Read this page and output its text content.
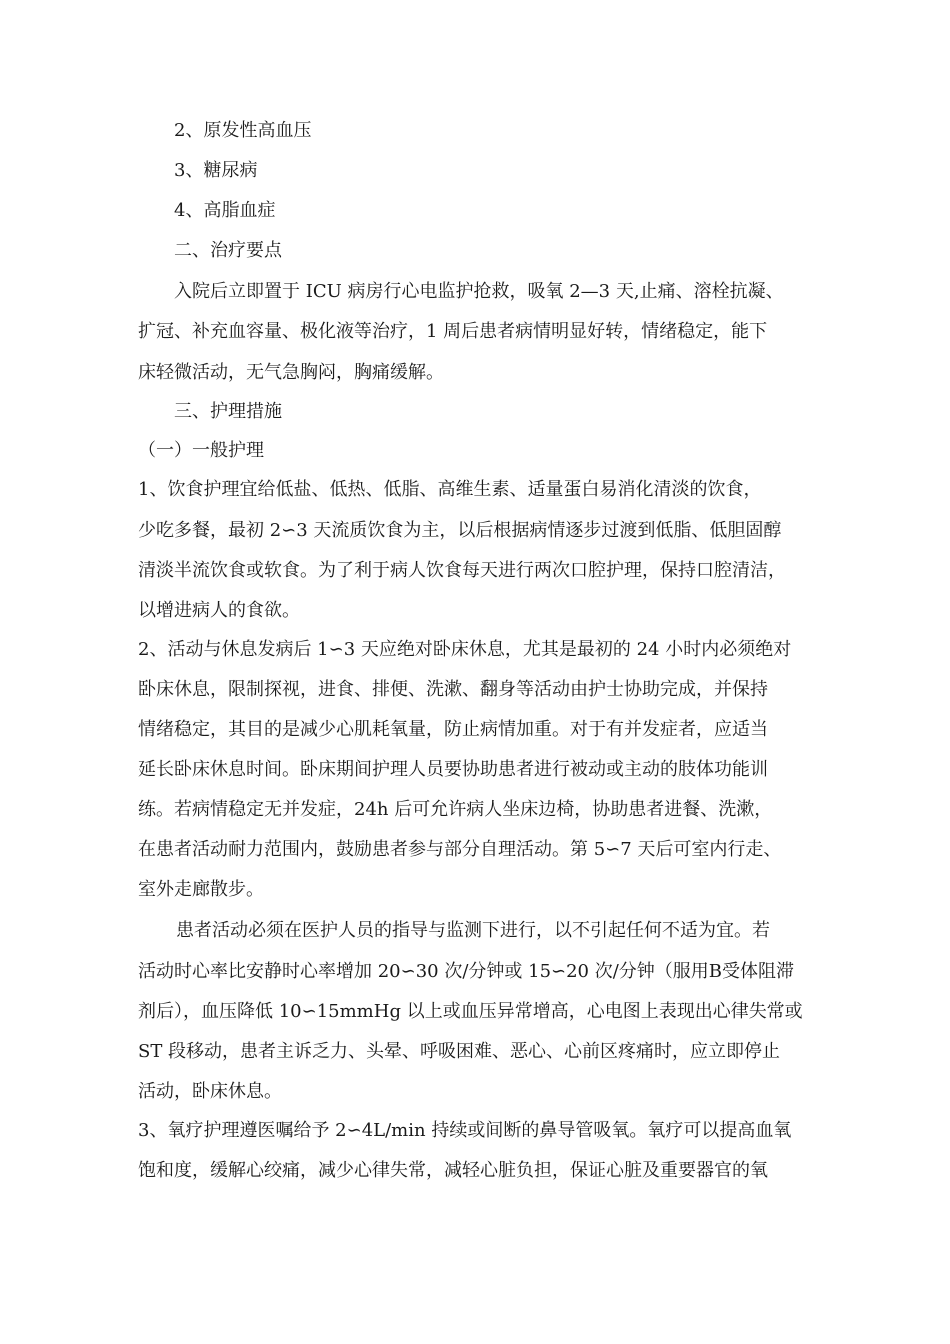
2、原发性高血压
3、糖尿病
4、高脂血症
二、治疗要点
入院后立即置于 ICU 病房行心电监护抢救，吸氧 2—3 天,止痛、溶栓抗凝、
扩冠、补充血容量、极化液等治疗，1 周后患者病情明显好转，情绪稳定，能下
床轻微活动，无气急胸闷，胸痛缓解。
三、护理措施
（一）一般护理
1、饮食护理宜给低盐、低热、低脂、高维生素、适量蛋白易消化清淡的饮食，
少吃多餐，最初 2∽3 天流质饮食为主，以后根据病情逐步过渡到低脂、低胆固醇
清淡半流饮食或软食。为了利于病人饮食每天进行两次口腔护理，保持口腔清洁，
以增进病人的食欲。
2、活动与休息发病后 1∽3 天应绝对卧床休息，尤其是最初的 24 小时内必须绝对
卧床休息，限制探视，进食、排便、洗漱、翻身等活动由护士协助完成，并保持
情绪稳定，其目的是减少心肌耗氧量，防止病情加重。对于有并发症者，应适当
延长卧床休息时间。卧床期间护理人员要协助患者进行被动或主动的肢体功能训
练。若病情稳定无并发症，24h 后可允许病人坐床边椅，协助患者进餐、洗漱，
在患者活动耐力范围内，鼓励患者参与部分自理活动。第 5∽7 天后可室内行走、
室外走廊散步。
患者活动必须在医护人员的指导与监测下进行，以不引起任何不适为宜。若
活动时心率比安静时心率增加 20∽30 次/分钟或 15∽20 次/分钟（服用Β受体阻滞
剂后），血压降低 10∽15mmHg 以上或血压异常增高，心电图上表现出心律失常或
ST 段移动，患者主诉乏力、头晕、呼吸困难、恶心、心前区疼痛时，应立即停止
活动，卧床休息。
3、氧疗护理遵医嘱给予 2∽4L/min 持续或间断的鼻导管吸氧。氧疗可以提高血氧
饱和度，缓解心绞痛，减少心律失常，减轻心脏负担，保证心脏及重要器官的氧
